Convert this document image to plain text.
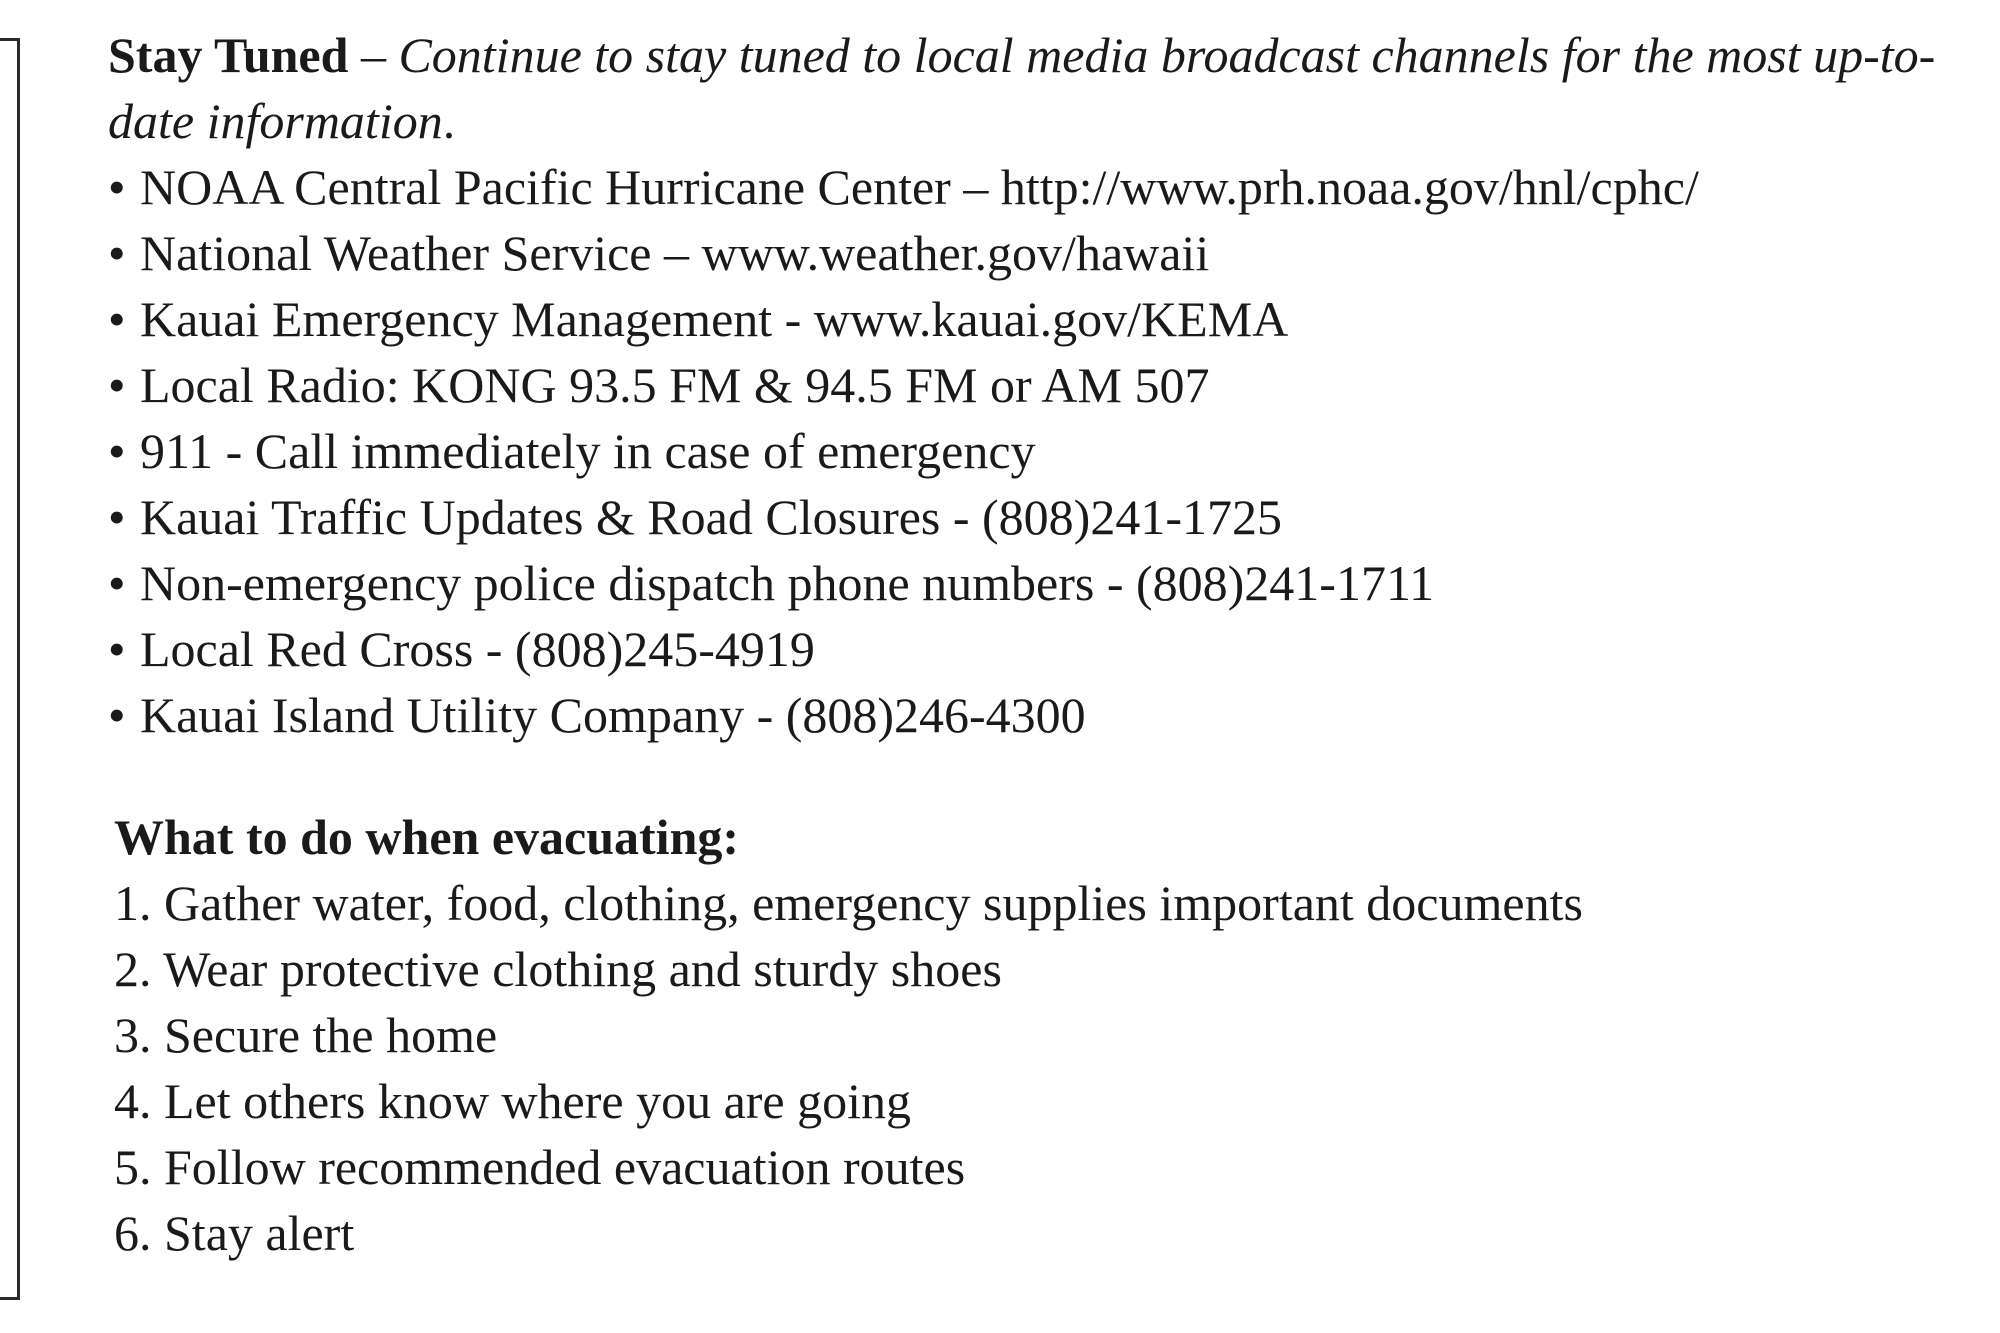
Stay Tuned – Continue to stay tuned to local media broadcast channels for the most up-to-date information.

• NOAA Central Pacific Hurricane Center – http://www.prh.noaa.gov/hnl/cphc/
• National Weather Service – www.weather.gov/hawaii
• Kauai Emergency Management - www.kauai.gov/KEMA
• Local Radio: KONG 93.5 FM & 94.5 FM or AM 507
• 911 - Call immediately in case of emergency
• Kauai Traffic Updates & Road Closures - (808)241-1725
• Non-emergency police dispatch phone numbers - (808)241-1711
• Local Red Cross - (808)245-4919
• Kauai Island Utility Company - (808)246-4300
What to do when evacuating:
1. Gather water, food, clothing, emergency supplies important documents
2. Wear protective clothing and sturdy shoes
3. Secure the home
4. Let others know where you are going
5. Follow recommended evacuation routes
6. Stay alert
